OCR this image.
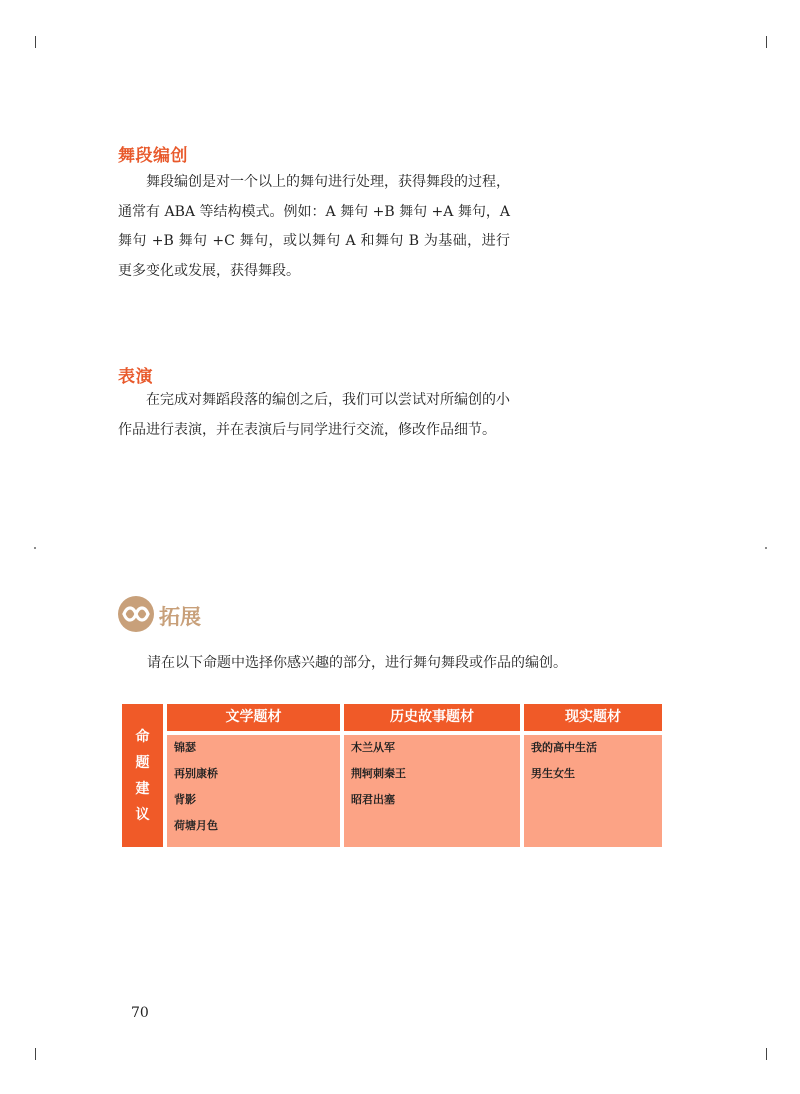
舞段编创

舞段编创是对一个以上的舞句进行处理，获得舞段的过程，通常有 ABA 等结构模式。例如：A 舞句 +B 舞句 +A 舞句，A 舞句 +B 舞句 +C 舞句，或以舞句 A 和舞句 B 为基础，进行更多变化或发展，获得舞段。

表演

在完成对舞蹈段落的编创之后，我们可以尝试对所编创的小作品进行表演，并在表演后与同学进行交流，修改作品细节。

拓展

请在以下命题中选择你感兴趣的部分，进行舞句舞段或作品的编创。

命
题
建
议
文学题材
锦瑟
再别康桥
背影
荷塘月色
历史故事题材
木兰从军
荆轲刺秦王
昭君出塞
现实题材
我的高中生活
男生女生
70
